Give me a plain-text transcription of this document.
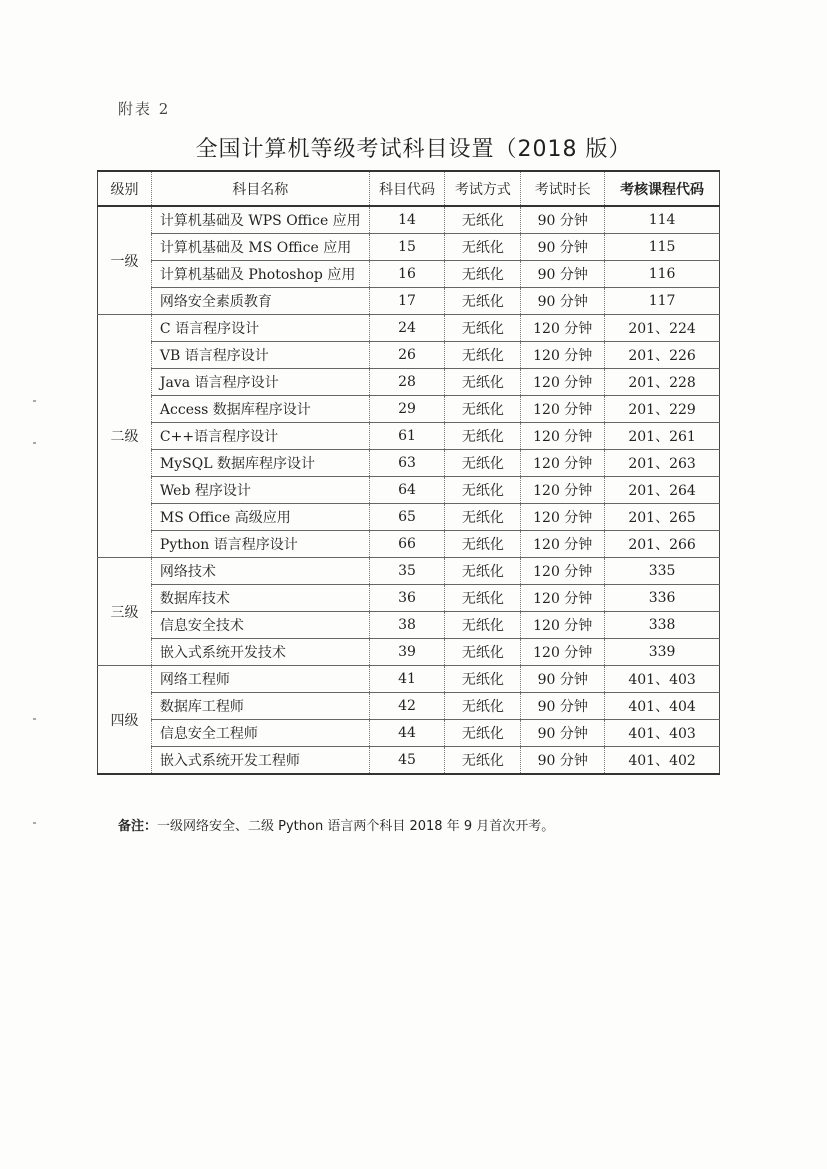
附表 2
全国计算机等级考试科目设置（2018 版）
级别	科目名称	科目代码	考试方式	考试时长	考核课程代码
一级	计算机基础及 WPS Office 应用	14	无纸化	90 分钟	114
	计算机基础及 MS Office 应用	15	无纸化	90 分钟	115
	计算机基础及 Photoshop 应用	16	无纸化	90 分钟	116
	网络安全素质教育	17	无纸化	90 分钟	117
二级	C 语言程序设计	24	无纸化	120 分钟	201、224
	VB 语言程序设计	26	无纸化	120 分钟	201、226
	Java 语言程序设计	28	无纸化	120 分钟	201、228
	Access 数据库程序设计	29	无纸化	120 分钟	201、229
	C++语言程序设计	61	无纸化	120 分钟	201、261
	MySQL 数据库程序设计	63	无纸化	120 分钟	201、263
	Web 程序设计	64	无纸化	120 分钟	201、264
	MS Office 高级应用	65	无纸化	120 分钟	201、265
	Python 语言程序设计	66	无纸化	120 分钟	201、266
三级	网络技术	35	无纸化	120 分钟	335
	数据库技术	36	无纸化	120 分钟	336
	信息安全技术	38	无纸化	120 分钟	338
	嵌入式系统开发技术	39	无纸化	120 分钟	339
四级	网络工程师	41	无纸化	90 分钟	401、403
	数据库工程师	42	无纸化	90 分钟	401、404
	信息安全工程师	44	无纸化	90 分钟	401、403
	嵌入式系统开发工程师	45	无纸化	90 分钟	401、402
备注：一级网络安全、二级 Python 语言两个科目 2018 年 9 月首次开考。
